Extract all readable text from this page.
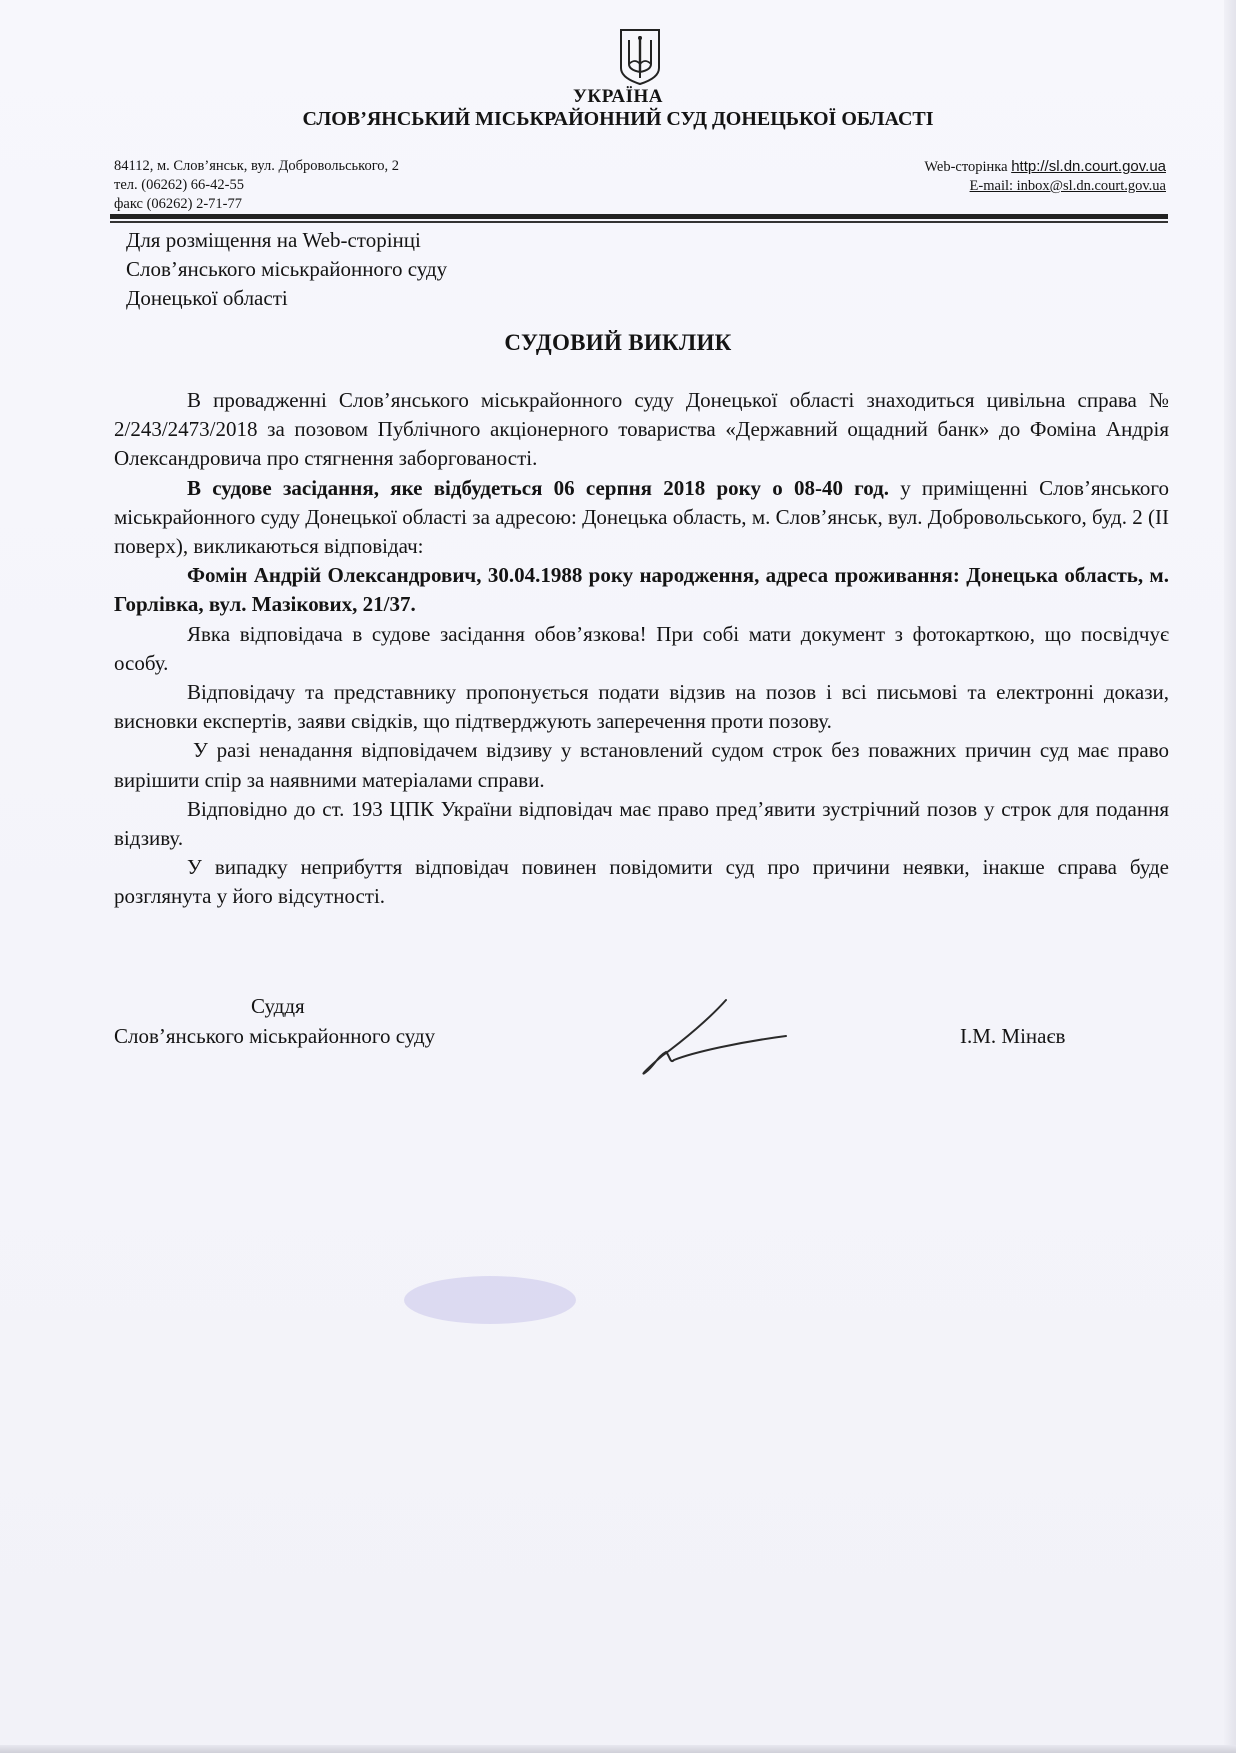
УКРАЇНА
СЛОВ’ЯНСЬКИЙ МІСЬКРАЙОННИЙ СУД ДОНЕЦЬКОЇ ОБЛАСТІ
84112, м. Слов’янськ, вул. Добровольського, 2
тел. (06262) 66-42-55
факс (06262) 2-71-77
Web-сторінка http://sl.dn.court.gov.ua
E-mail: inbox@sl.dn.court.gov.ua
Для розміщення на Web-сторінці
Слов’янського міськрайонного суду
Донецької області
СУДОВИЙ ВИКЛИК

В провадженні Слов’янського міськрайонного суду Донецької області знаходиться цивільна справа № 2/243/2473/2018 за позовом Публічного акціонерного товариства «Державний ощадний банк» до Фоміна Андрія Олександровича про стягнення заборгованості.

В судове засідання, яке відбудеться 06 серпня 2018 року о 08-40 год. у приміщенні Слов’янського міськрайонного суду Донецької області за адресою: Донецька область, м. Слов’янськ, вул. Добровольського, буд. 2 (ІІ поверх), викликаються відповідач:

Фомін Андрій Олександрович, 30.04.1988 року народження, адреса проживання: Донецька область, м. Горлівка, вул. Мазікових, 21/37.

Явка відповідача в судове засідання обов’язкова! При собі мати документ з фотокарткою, що посвідчує особу.

Відповідачу та представнику пропонується подати відзив на позов і всі письмові та електронні докази, висновки експертів, заяви свідків, що підтверджують заперечення проти позову.

У разі ненадання відповідачем відзиву у встановлений судом строк без поважних причин суд має право вирішити спір за наявними матеріалами справи.

Відповідно до ст. 193 ЦПК України відповідач має право пред’явити зустрічний позов у строк для подання відзиву.

У випадку неприбуття відповідач повинен повідомити суд про причини неявки, інакше справа буде розглянута у його відсутності.

Суддя
Слов’янського міськрайонного суду	І.М. Мінаєв
